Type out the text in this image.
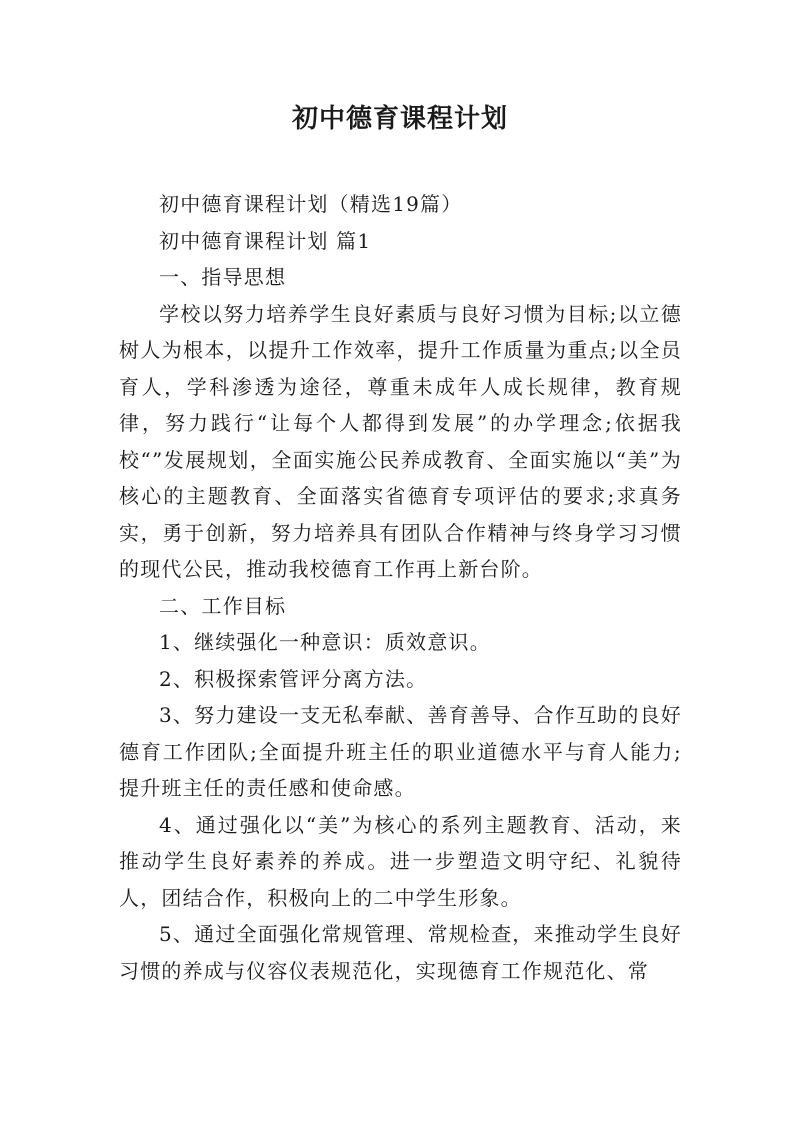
初中德育课程计划

初中德育课程计划（精选19篇）

初中德育课程计划 篇1

一、指导思想

学校以努力培养学生良好素质与良好习惯为目标;以立德树人为根本，以提升工作效率，提升工作质量为重点;以全员育人，学科渗透为途径，尊重未成年人成长规律，教育规律，努力践行“让每个人都得到发展”的办学理念;依据我校“”发展规划，全面实施公民养成教育、全面实施以“美”为核心的主题教育、全面落实省德育专项评估的要求;求真务实，勇于创新，努力培养具有团队合作精神与终身学习习惯的现代公民，推动我校德育工作再上新台阶。

二、工作目标

1、继续强化一种意识：质效意识。

2、积极探索管评分离方法。

3、努力建设一支无私奉献、善育善导、合作互助的良好德育工作团队;全面提升班主任的职业道德水平与育人能力;提升班主任的责任感和使命感。

4、通过强化以“美”为核心的系列主题教育、活动，来推动学生良好素养的养成。进一步塑造文明守纪、礼貌待人，团结合作，积极向上的二中学生形象。

5、通过全面强化常规管理、常规检查，来推动学生良好习惯的养成与仪容仪表规范化，实现德育工作规范化、常
